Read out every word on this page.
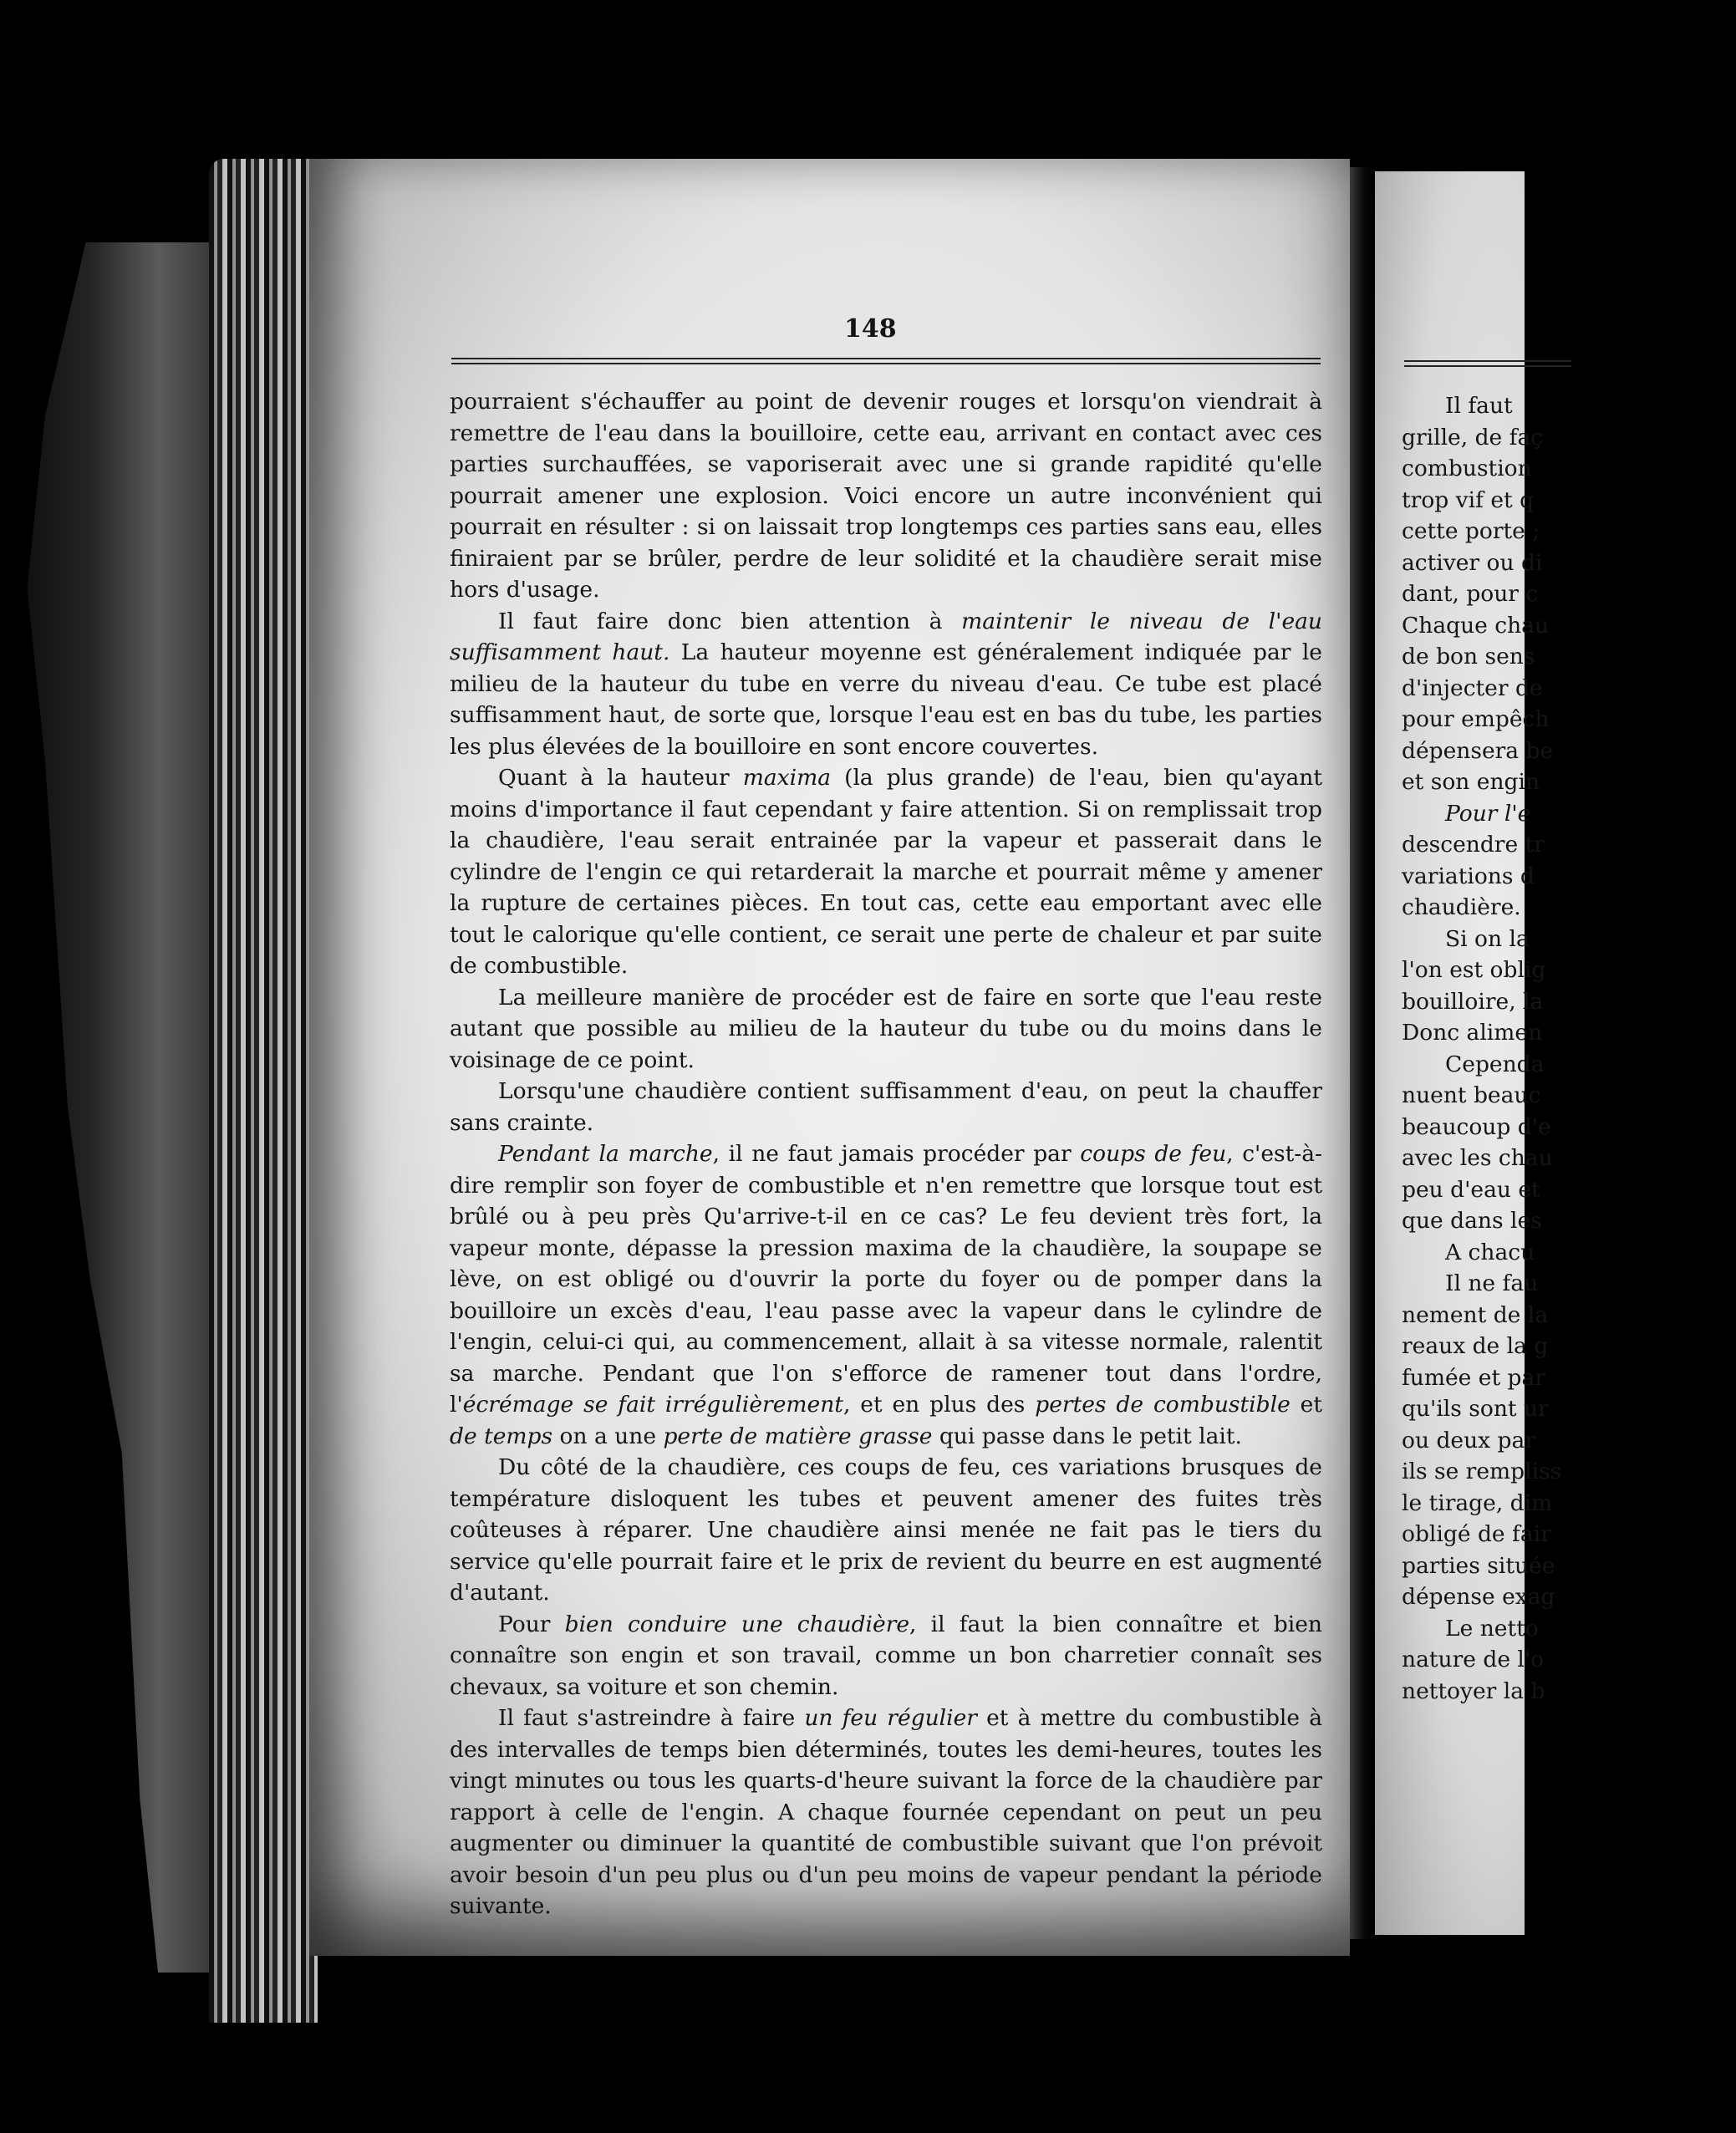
148

pourraient s'échauffer au point de devenir rouges et lorsqu'on viendrait à remettre de l'eau dans la bouilloire, cette eau, arrivant en contact avec ces parties surchauffées, se vaporiserait avec une si grande rapidité qu'elle pourrait amener une explosion. Voici encore un autre inconvénient qui pourrait en résulter : si on laissait trop longtemps ces parties sans eau, elles finiraient par se brûler, perdre de leur solidité et la chaudière serait mise hors d'usage.

Il faut faire donc bien attention à maintenir le niveau de l'eau suffisamment haut. La hauteur moyenne est généralement indiquée par le milieu de la hauteur du tube en verre du niveau d'eau. Ce tube est placé suffisamment haut, de sorte que, lorsque l'eau est en bas du tube, les parties les plus élevées de la bouilloire en sont encore couvertes.

Quant à la hauteur maxima (la plus grande) de l'eau, bien qu'ayant moins d'importance il faut cependant y faire attention. Si on remplissait trop la chaudière, l'eau serait entrainée par la vapeur et passerait dans le cylindre de l'engin ce qui retarderait la marche et pourrait même y amener la rupture de certaines pièces. En tout cas, cette eau emportant avec elle tout le calorique qu'elle contient, ce serait une perte de chaleur et par suite de combustible.

La meilleure manière de procéder est de faire en sorte que l'eau reste autant que possible au milieu de la hauteur du tube ou du moins dans le voisinage de ce point.

Lorsqu'une chaudière contient suffisamment d'eau, on peut la chauffer sans crainte.

Pendant la marche, il ne faut jamais procéder par coups de feu, c'est-à-dire remplir son foyer de combustible et n'en remettre que lorsque tout est brûlé ou à peu près Qu'arrive-t-il en ce cas? Le feu devient très fort, la vapeur monte, dépasse la pression maxima de la chaudière, la soupape se lève, on est obligé ou d'ouvrir la porte du foyer ou de pomper dans la bouilloire un excès d'eau, l'eau passe avec la vapeur dans le cylindre de l'engin, celui-ci qui, au commencement, allait à sa vitesse normale, ralentit sa marche. Pendant que l'on s'efforce de ramener tout dans l'ordre, l'écrémage se fait irrégulièrement, et en plus des pertes de combustible et de temps on a une perte de matière grasse qui passe dans le petit lait.

Du côté de la chaudière, ces coups de feu, ces variations brusques de température disloquent les tubes et peuvent amener des fuites très coûteuses à réparer. Une chaudière ainsi menée ne fait pas le tiers du service qu'elle pourrait faire et le prix de revient du beurre en est augmenté d'autant.

Pour bien conduire une chaudière, il faut la bien connaître et bien connaître son engin et son travail, comme un bon charretier connaît ses chevaux, sa voiture et son chemin.

Il faut s'astreindre à faire un feu régulier et à mettre du combustible à des intervalles de temps bien déterminés, toutes les demi-heures, toutes les vingt minutes ou tous les quarts-d'heure suivant la force de la chaudière par rapport à celle de l'engin. A chaque fournée cependant on peut un peu augmenter ou diminuer la quantité de combustible suivant que l'on prévoit avoir besoin d'un peu plus ou d'un peu moins de vapeur pendant la période suivante.

Il faut
grille, de faç
combustion
trop vif et q
cette porte ;
activer ou di
dant, pour c
Chaque chau
de bon sens
d'injecter de
pour empêch
dépensera be
et son engin
Pour l'e
descendre tr
variations d
chaudière.
Si on la
l'on est oblig
bouilloire, la
Donc alimen
Cependa
nuent beauc
beaucoup d'e
avec les chau
peu d'eau et
que dans les
A chacu
Il ne fau
nement de la
reaux de la g
fumée et par
qu'ils sont ur
ou deux par
ils se rempliss
le tirage, dim
obligé de fair
parties située
dépense exag
Le netto
nature de l'o
nettoyer la b
